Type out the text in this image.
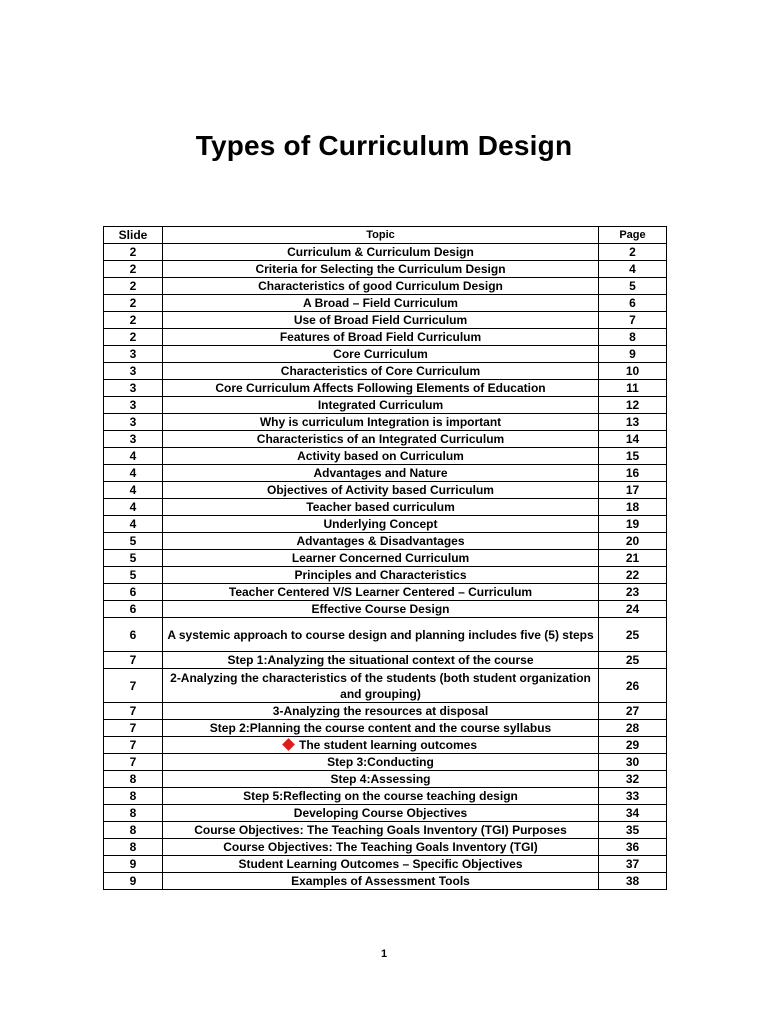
Types of Curriculum Design
Slide	Topic	Page
2	Curriculum & Curriculum Design	2
2	Criteria for Selecting the Curriculum Design	4
2	Characteristics of good Curriculum Design	5
2	A Broad – Field Curriculum	6
2	Use of Broad Field Curriculum	7
2	Features of Broad Field Curriculum	8
3	Core Curriculum	9
3	Characteristics of Core Curriculum	10
3	Core Curriculum Affects Following Elements of Education	11
3	Integrated Curriculum	12
3	Why is curriculum Integration is important	13
3	Characteristics of an Integrated Curriculum	14
4	Activity based on Curriculum	15
4	Advantages and Nature	16
4	Objectives of Activity based Curriculum	17
4	Teacher based curriculum	18
4	Underlying Concept	19
5	Advantages & Disadvantages	20
5	Learner Concerned Curriculum	21
5	Principles and Characteristics	22
6	Teacher Centered V/S Learner Centered – Curriculum	23
6	Effective Course Design	24
6	A systemic approach to course design and planning includes five (5) steps	25
7	Step 1:Analyzing the situational context of the course	25
7	2-Analyzing the characteristics of the students (both student organization and grouping)	26
7	3-Analyzing the resources at disposal	27
7	Step 2:Planning the course content and the course syllabus	28
7	The student learning outcomes	29
7	Step 3:Conducting	30
8	Step 4:Assessing	32
8	Step 5:Reflecting on the course teaching design	33
8	Developing Course Objectives	34
8	Course Objectives: The Teaching Goals Inventory (TGI) Purposes	35
8	Course Objectives: The Teaching Goals Inventory (TGI)	36
9	Student Learning Outcomes – Specific Objectives	37
9	Examples of Assessment Tools	38
1
